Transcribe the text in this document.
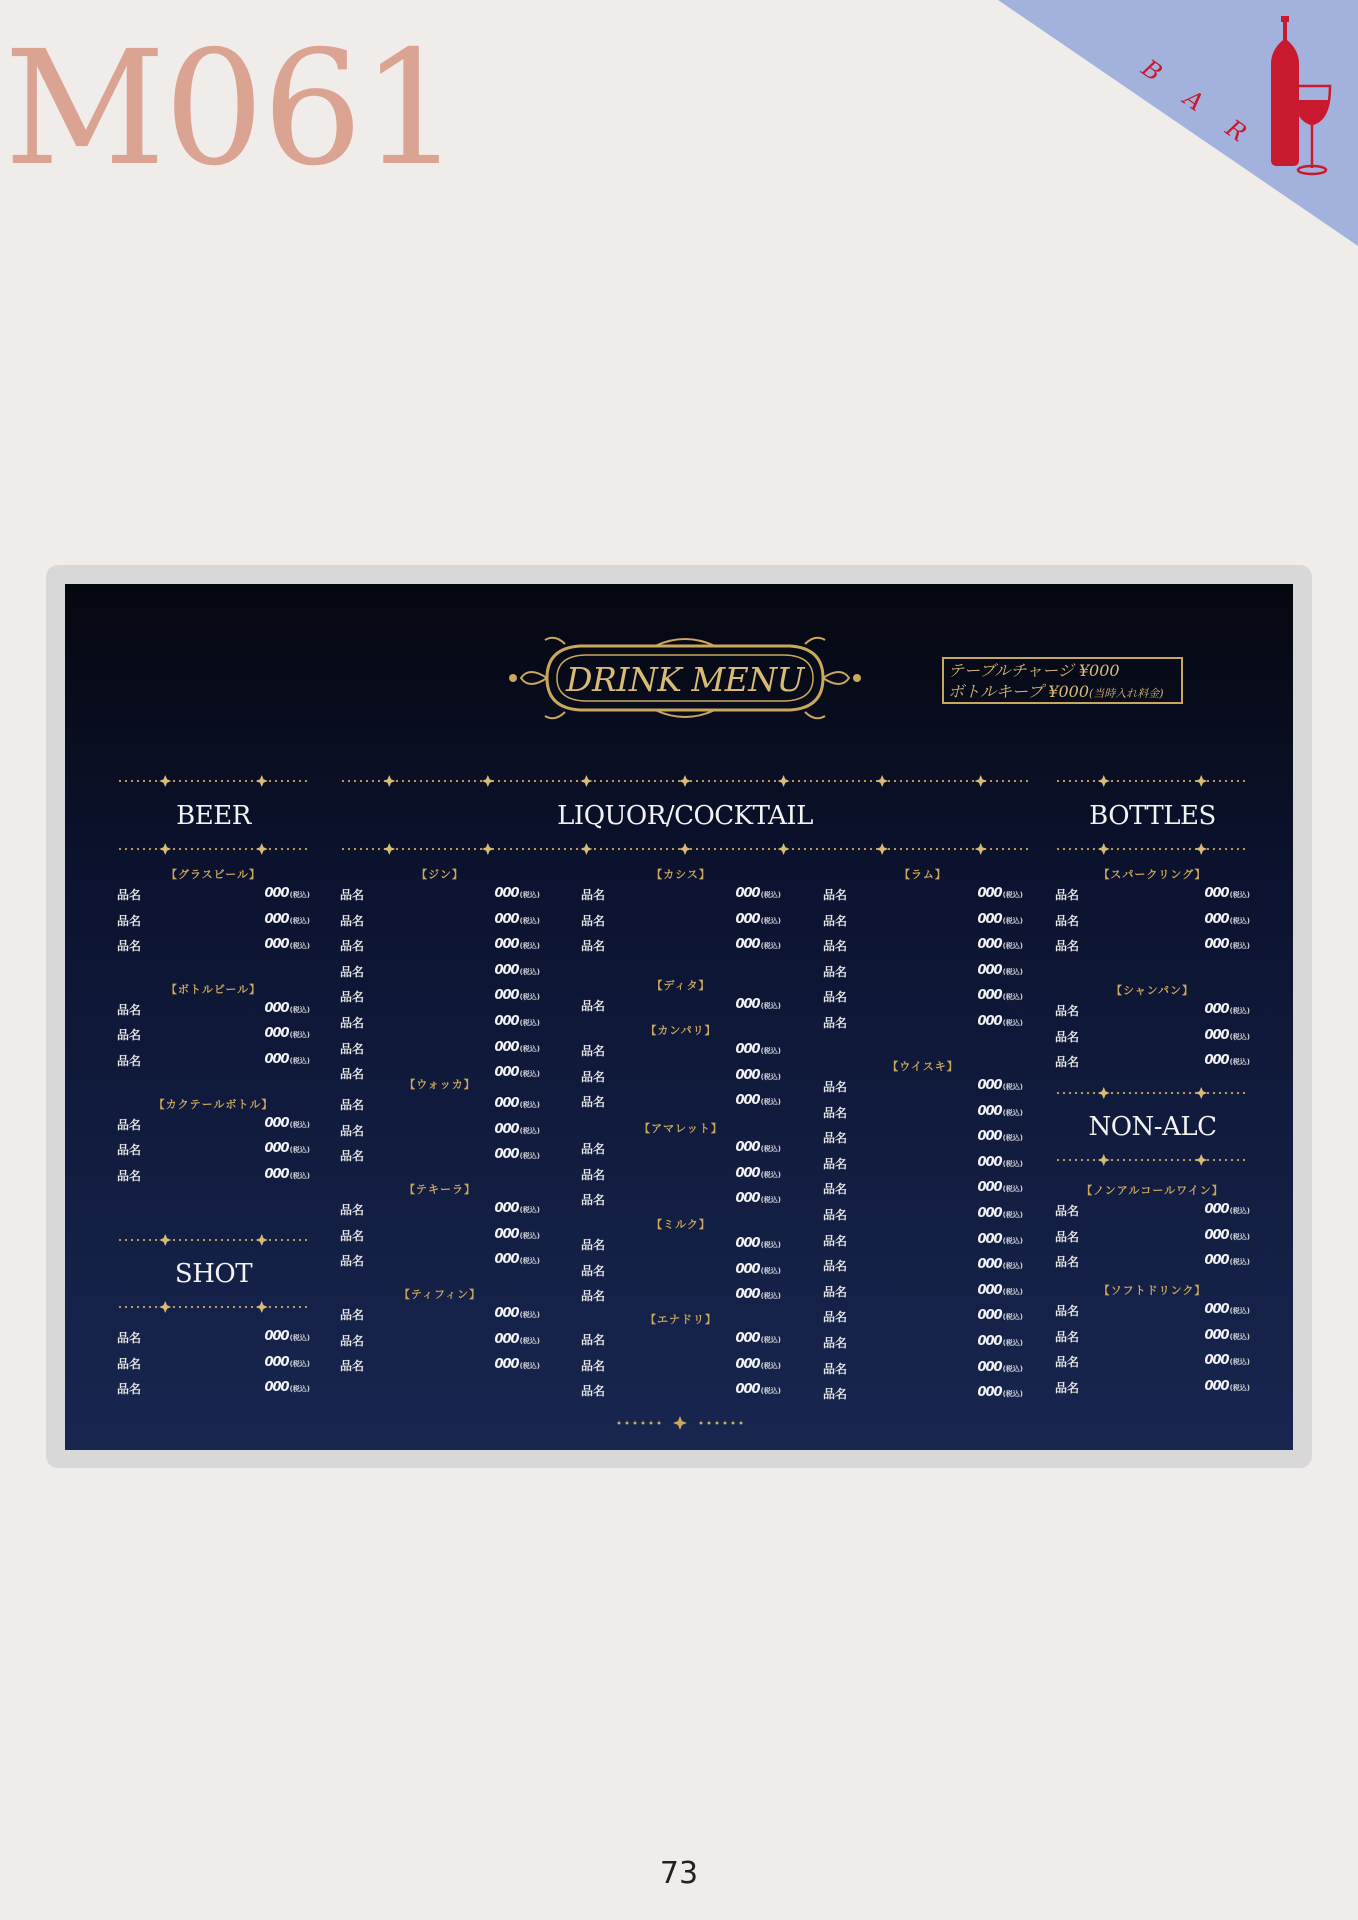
M061	B
A
R
DRINK MENU	テーブルチャージ ¥000
ボトルキープ ¥000(当時入れ料金)
BEER
【グラスビール】
品名	000(税込)
品名	000(税込)
品名	000(税込)
【ボトルビール】
品名	000(税込)
品名	000(税込)
品名	000(税込)
【カクテールボトル】
品名	000(税込)
品名	000(税込)
品名	000(税込)
SHOT
品名	000(税込)
品名	000(税込)
品名	000(税込)
LIQUOR/COCKTAIL
【ジン】
品名	000(税込)
品名	000(税込)
品名	000(税込)
品名	000(税込)
品名	000(税込)
品名	000(税込)
品名	000(税込)
品名	000(税込)
【ウォッカ】
品名	000(税込)
品名	000(税込)
品名	000(税込)
【テキーラ】
品名	000(税込)
品名	000(税込)
品名	000(税込)
【ティフィン】
品名	000(税込)
品名	000(税込)
品名	000(税込)
【カシス】
品名	000(税込)
品名	000(税込)
品名	000(税込)
【ディタ】
品名	000(税込)
【カンパリ】
品名	000(税込)
品名	000(税込)
品名	000(税込)
【アマレット】
品名	000(税込)
品名	000(税込)
品名	000(税込)
【ミルク】
品名	000(税込)
品名	000(税込)
品名	000(税込)
【エナドリ】
品名	000(税込)
品名	000(税込)
品名	000(税込)
【ラム】
品名	000(税込)
品名	000(税込)
品名	000(税込)
品名	000(税込)
品名	000(税込)
品名	000(税込)
【ウイスキ】
品名	000(税込)
品名	000(税込)
品名	000(税込)
品名	000(税込)
品名	000(税込)
品名	000(税込)
品名	000(税込)
品名	000(税込)
品名	000(税込)
品名	000(税込)
品名	000(税込)
品名	000(税込)
品名	000(税込)
BOTTLES
【スパークリング】
品名	000(税込)
品名	000(税込)
品名	000(税込)
【シャンパン】
品名	000(税込)
品名	000(税込)
品名	000(税込)
NON-ALC
【ノンアルコールワイン】
品名	000(税込)
品名	000(税込)
品名	000(税込)
【ソフトドリンク】
品名	000(税込)
品名	000(税込)
品名	000(税込)
品名	000(税込)
73
